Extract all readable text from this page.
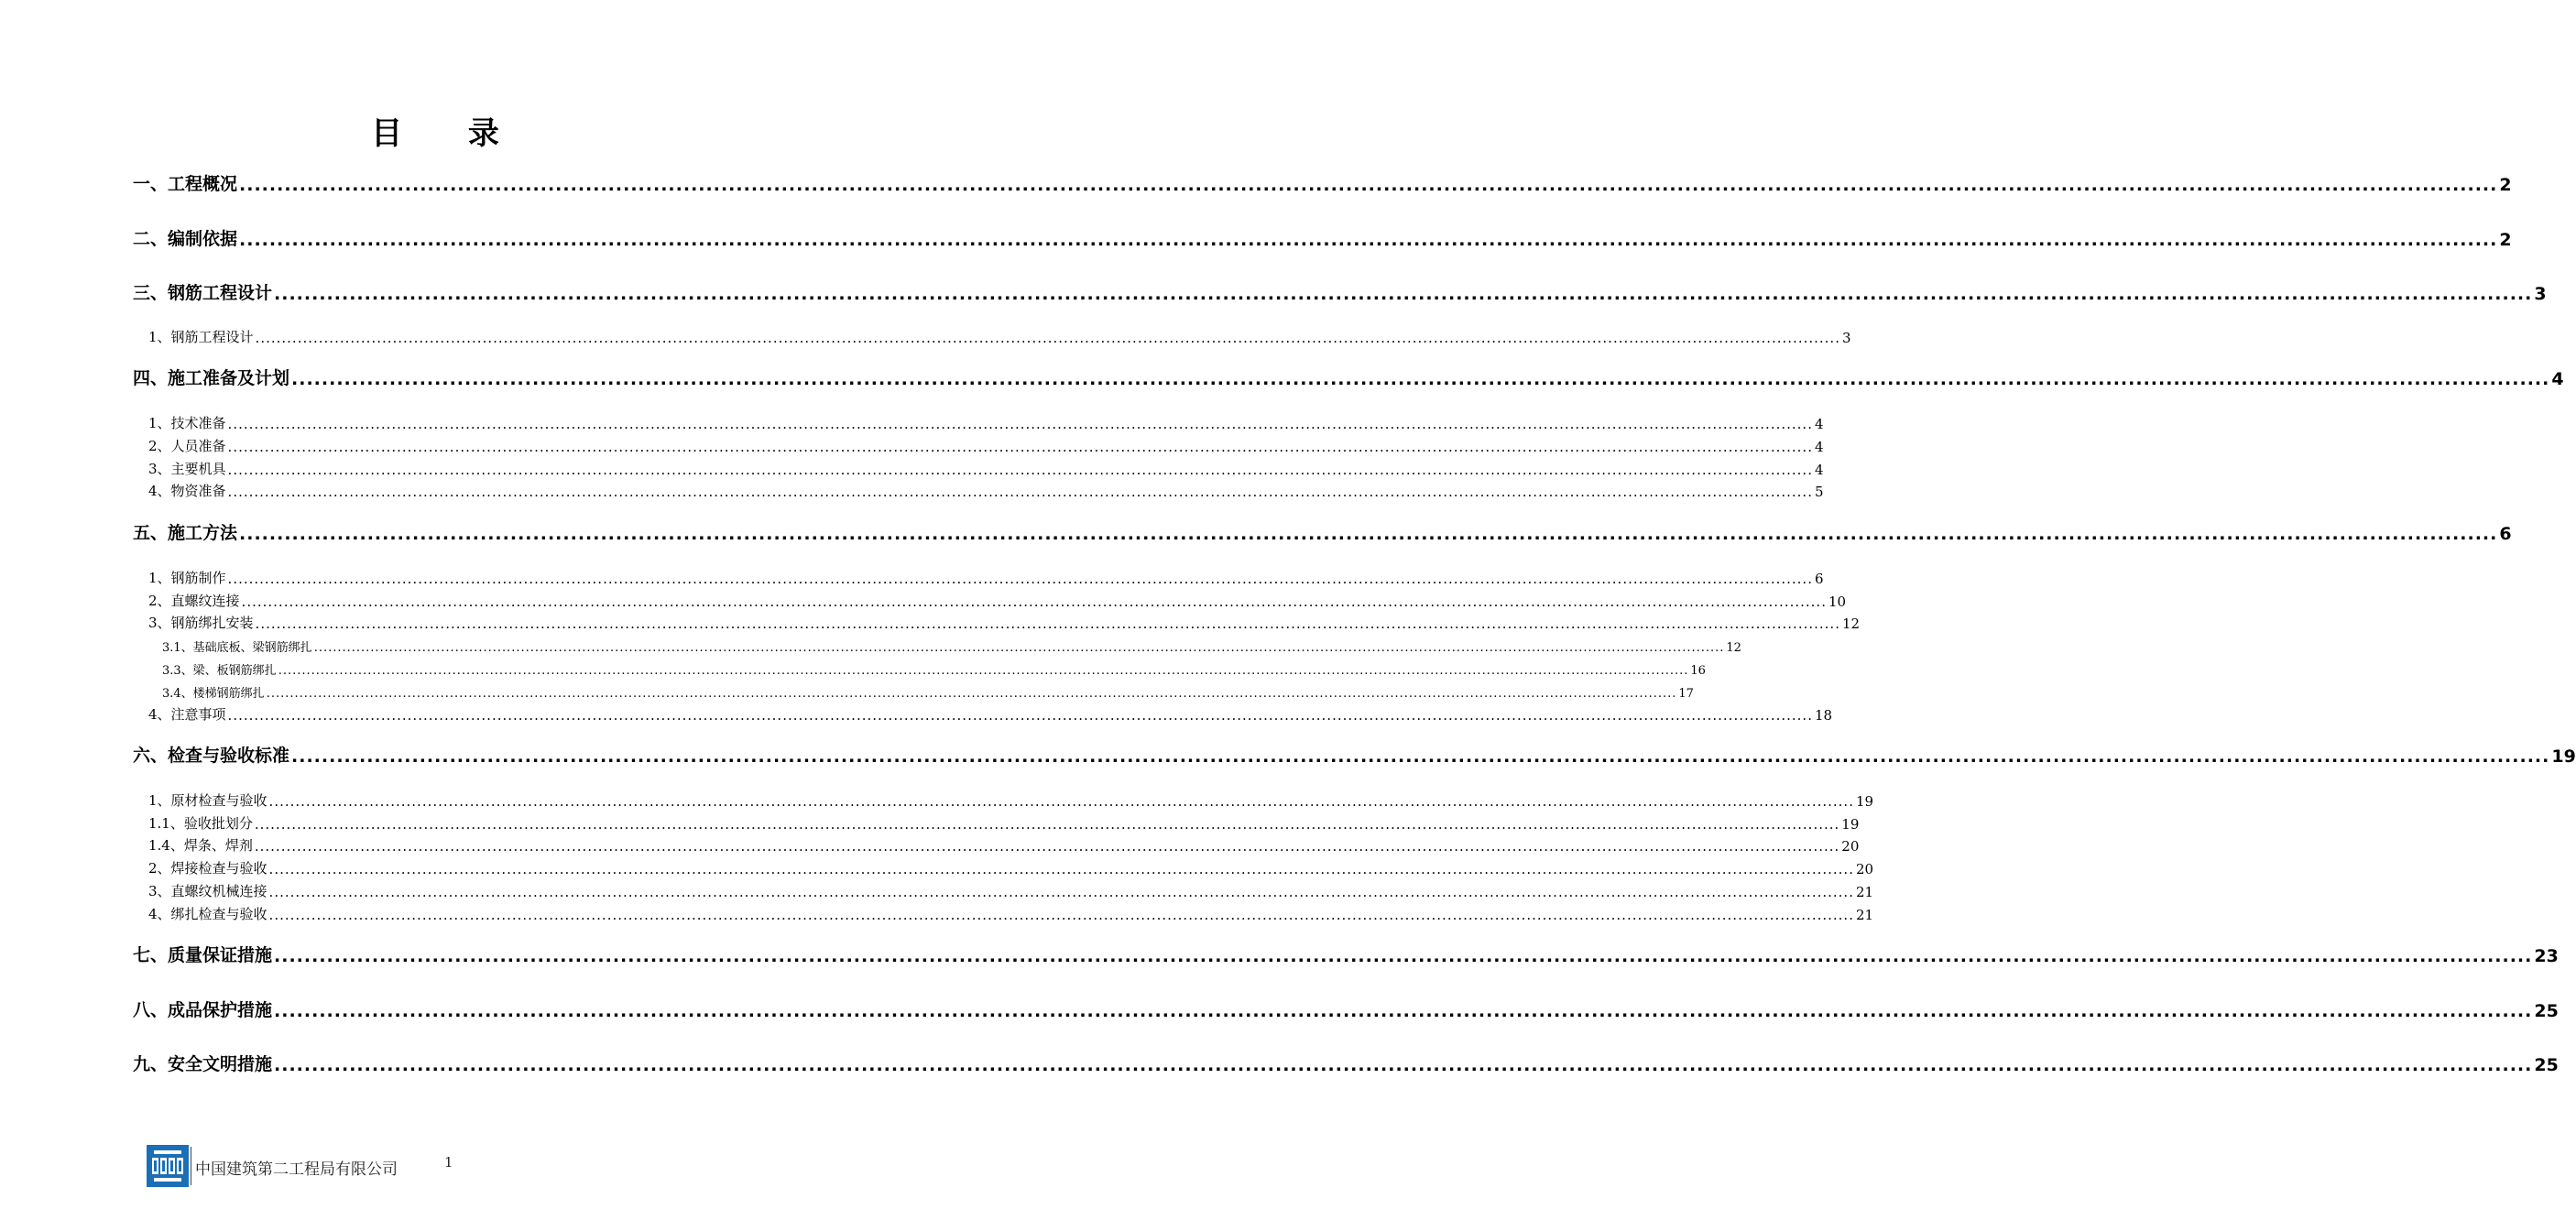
目 录
一、工程概况 ............................................................................................................................................................................................................................................................................................................ 2
二、编制依据 ............................................................................................................................................................................................................................................................................................................ 2
三、钢筋工程设计 ............................................................................................................................................................................................................................................................................................................ 3
1、钢筋工程设计 ............................................................................................................................................................................................................................................................................................................ 3
四、施工准备及计划 ............................................................................................................................................................................................................................................................................................................ 4
1、技术准备 ............................................................................................................................................................................................................................................................................................................ 4
2、人员准备 ............................................................................................................................................................................................................................................................................................................ 4
3、主要机具 ............................................................................................................................................................................................................................................................................................................ 4
4、物资准备 ............................................................................................................................................................................................................................................................................................................ 5
五、施工方法 ............................................................................................................................................................................................................................................................................................................ 6
1、钢筋制作 ............................................................................................................................................................................................................................................................................................................ 6
2、直螺纹连接 ............................................................................................................................................................................................................................................................................................................ 10
3、钢筋绑扎安装 ............................................................................................................................................................................................................................................................................................................ 12
3.1、基础底板、梁钢筋绑扎 ............................................................................................................................................................................................................................................................................................................ 12
3.3、梁、板钢筋绑扎 ............................................................................................................................................................................................................................................................................................................ 16
3.4、楼梯钢筋绑扎 ............................................................................................................................................................................................................................................................................................................ 17
4、注意事项 ............................................................................................................................................................................................................................................................................................................ 18
六、检查与验收标准 ............................................................................................................................................................................................................................................................................................................ 19
1、原材检查与验收 ............................................................................................................................................................................................................................................................................................................ 19
1.1、验收批划分 ............................................................................................................................................................................................................................................................................................................ 19
1.4、焊条、焊剂 ............................................................................................................................................................................................................................................................................................................ 20
2、焊接检查与验收 ............................................................................................................................................................................................................................................................................................................ 20
3、直螺纹机械连接 ............................................................................................................................................................................................................................................................................................................ 21
4、绑扎检查与验收 ............................................................................................................................................................................................................................................................................................................ 21
七、质量保证措施 ............................................................................................................................................................................................................................................................................................................ 23
八、成品保护措施 ............................................................................................................................................................................................................................................................................................................ 25
九、安全文明措施 ............................................................................................................................................................................................................................................................................................................ 25
中国建筑第二工程局有限公司	1
